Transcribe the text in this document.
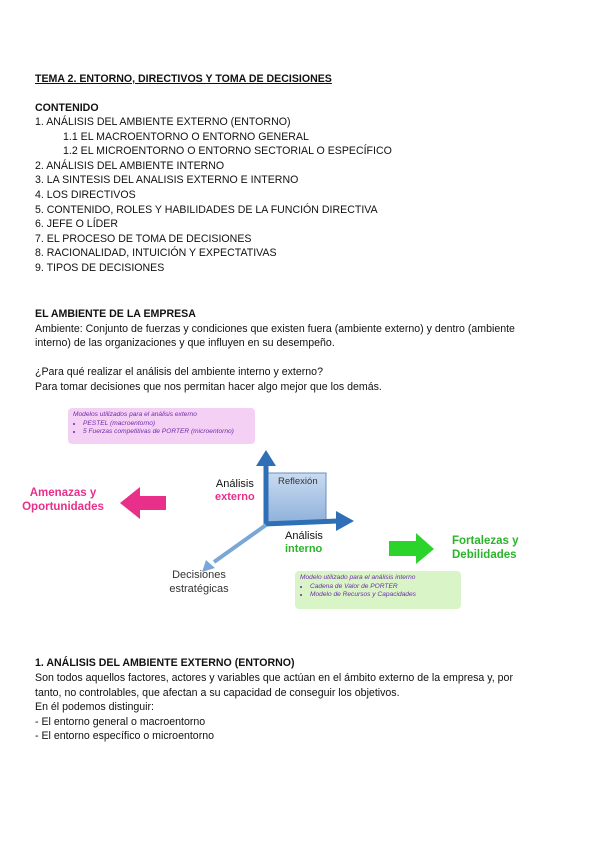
TEMA 2. ENTORNO, DIRECTIVOS Y TOMA DE DECISIONES
CONTENIDO
1. ANÁLISIS DEL AMBIENTE EXTERNO (ENTORNO)
1.1 EL MACROENTORNO O ENTORNO GENERAL
1.2 EL MICROENTORNO O ENTORNO SECTORIAL O ESPECÍFICO
2. ANÁLISIS DEL AMBIENTE INTERNO
3. LA SINTESIS DEL ANALISIS EXTERNO E INTERNO
4. LOS DIRECTIVOS
5. CONTENIDO, ROLES Y HABILIDADES DE LA FUNCIÓN DIRECTIVA
6. JEFE O LÍDER
7. EL PROCESO DE TOMA DE DECISIONES
8. RACIONALIDAD, INTUICIÓN Y EXPECTATIVAS
9. TIPOS DE DECISIONES
EL AMBIENTE DE LA EMPRESA
Ambiente: Conjunto de fuerzas y condiciones que existen fuera (ambiente externo) y dentro (ambiente
interno) de las organizaciones y que influyen en su desempeño.
¿Para qué realizar el análisis del ambiente interno y externo?
Para tomar decisiones que nos permitan hacer algo mejor que los demás.
Modelos utilizados para el análisis externo
• PESTEL (macroentorno)
• 5 Fuerzas competitivas de PORTER (microentorno)
Modelo utilizado para el análisis interno
• Cadena de Valor de PORTER
• Modelo de Recursos y Capacidades
Amenazas y
Oportunidades
Fortalezas y
Debilidades
Análisis
externo
Reflexión
Análisis
interno
Decisiones
estratégicas
1. ANÁLISIS DEL AMBIENTE EXTERNO (ENTORNO)
Son todos aquellos factores, actores y variables que actúan en el ámbito externo de la empresa y, por
tanto, no controlables, que afectan a su capacidad de conseguir los objetivos.
En él podemos distinguir:
- El entorno general o macroentorno
- El entorno específico o microentorno
